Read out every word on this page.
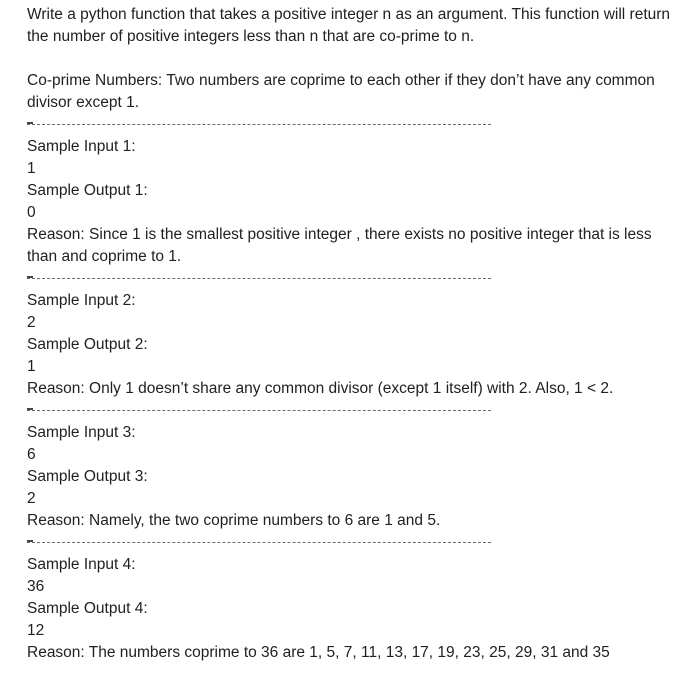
Write a python function that takes a positive integer n as an argument. This function will return the number of positive integers less than n that are co-prime to n.
Co-prime Numbers: Two numbers are coprime to each other if they don’t have any common divisor except 1.
Sample Input 1:
1
Sample Output 1:
0
Reason: Since 1 is the smallest positive integer , there exists no positive integer that is less than and coprime to 1.
Sample Input 2:
2
Sample Output 2:
1
Reason: Only 1 doesn’t share any common divisor (except 1 itself) with 2. Also, 1 < 2.
Sample Input 3:
6
Sample Output 3:
2
Reason: Namely, the two coprime numbers to 6 are 1 and 5.
Sample Input 4:
36
Sample Output 4:
12
Reason: The numbers coprime to 36 are 1, 5, 7, 11, 13, 17, 19, 23, 25, 29, 31 and 35
